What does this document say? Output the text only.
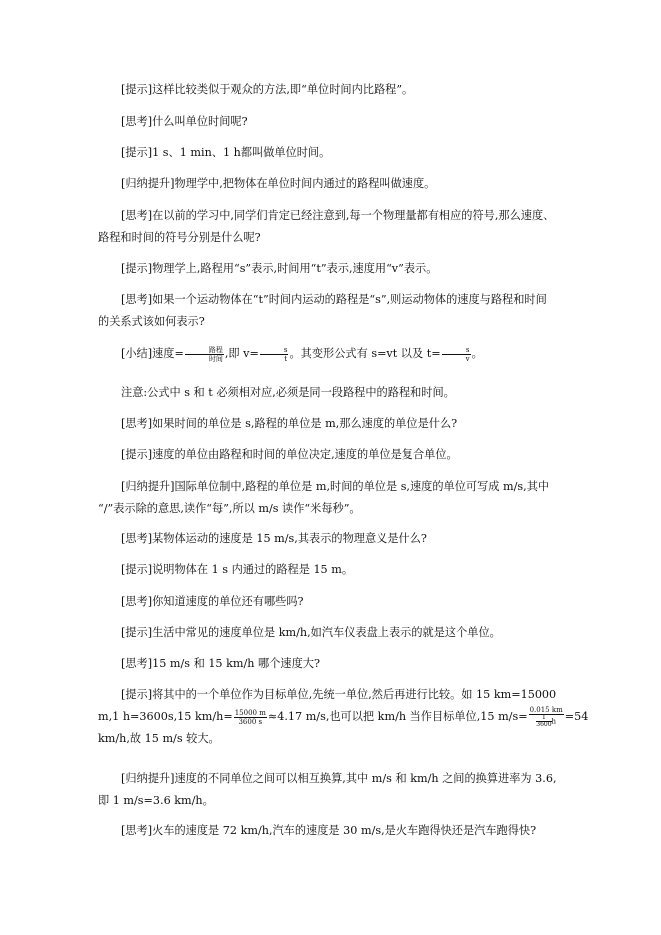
[提示]这样比较类似于观众的方法,即“单位时间内比路程”。
[思考]什么叫单位时间呢?
[提示]1 s、1 min、1 h都叫做单位时间。
[归纳提升]物理学中,把物体在单位时间内通过的路程叫做速度。
[思考]在以前的学习中,同学们肯定已经注意到,每一个物理量都有相应的符号,那么速度、
路程和时间的符号分别是什么呢?
[提示]物理学上,路程用“s”表示,时间用“t”表示,速度用“v”表示。
[思考]如果一个运动物体在“t”时间内运动的路程是“s”,则运动物体的速度与路程和时间
的关系式该如何表示?
[小结]速度= $\frac{\text{路程}}{\text{时间}}$ ,即 $v= \frac{s}{t}$ 。其变形公式有 s=vt 以及 $t= \frac{s}{v}$ 。
注意:公式中 s 和 t 必须相对应,必须是同一段路程中的路程和时间。
[思考]如果时间的单位是 s,路程的单位是 m,那么速度的单位是什么?
[提示]速度的单位由路程和时间的单位决定,速度的单位是复合单位。
[归纳提升]国际单位制中,路程的单位是 m,时间的单位是 s,速度的单位可写成 m/s,其中
“/”表示除的意思,读作“每”,所以 m/s 读作“米每秒”。
[思考]某物体运动的速度是 15 m/s,其表示的物理意义是什么?
[提示]说明物体在 1 s 内通过的路程是 15 m。
[思考]你知道速度的单位还有哪些吗?
[提示]生活中常见的速度单位是 km/h,如汽车仪表盘上表示的就是这个单位。
[思考]15 m/s 和 15 km/h 哪个速度大?
[提示]将其中的一个单位作为目标单位,先统一单位,然后再进行比较。如 15 km=15000
m,1 h=3600s,15 $km/h= \frac{15000 m}{3600 s} \approx 4.17$ m/s,也可以把 km/h 当作目标单位,15 $m/s= \frac{0.015 km}{\frac{1}{3600} h} =54$
km/h,故 15 m/s 较大。
[归纳提升]速度的不同单位之间可以相互换算,其中 m/s 和 km/h 之间的换算进率为 3.6,
即 1 m/s=3.6 km/h。
[思考]火车的速度是 72 km/h,汽车的速度是 30 m/s,是火车跑得快还是汽车跑得快?
